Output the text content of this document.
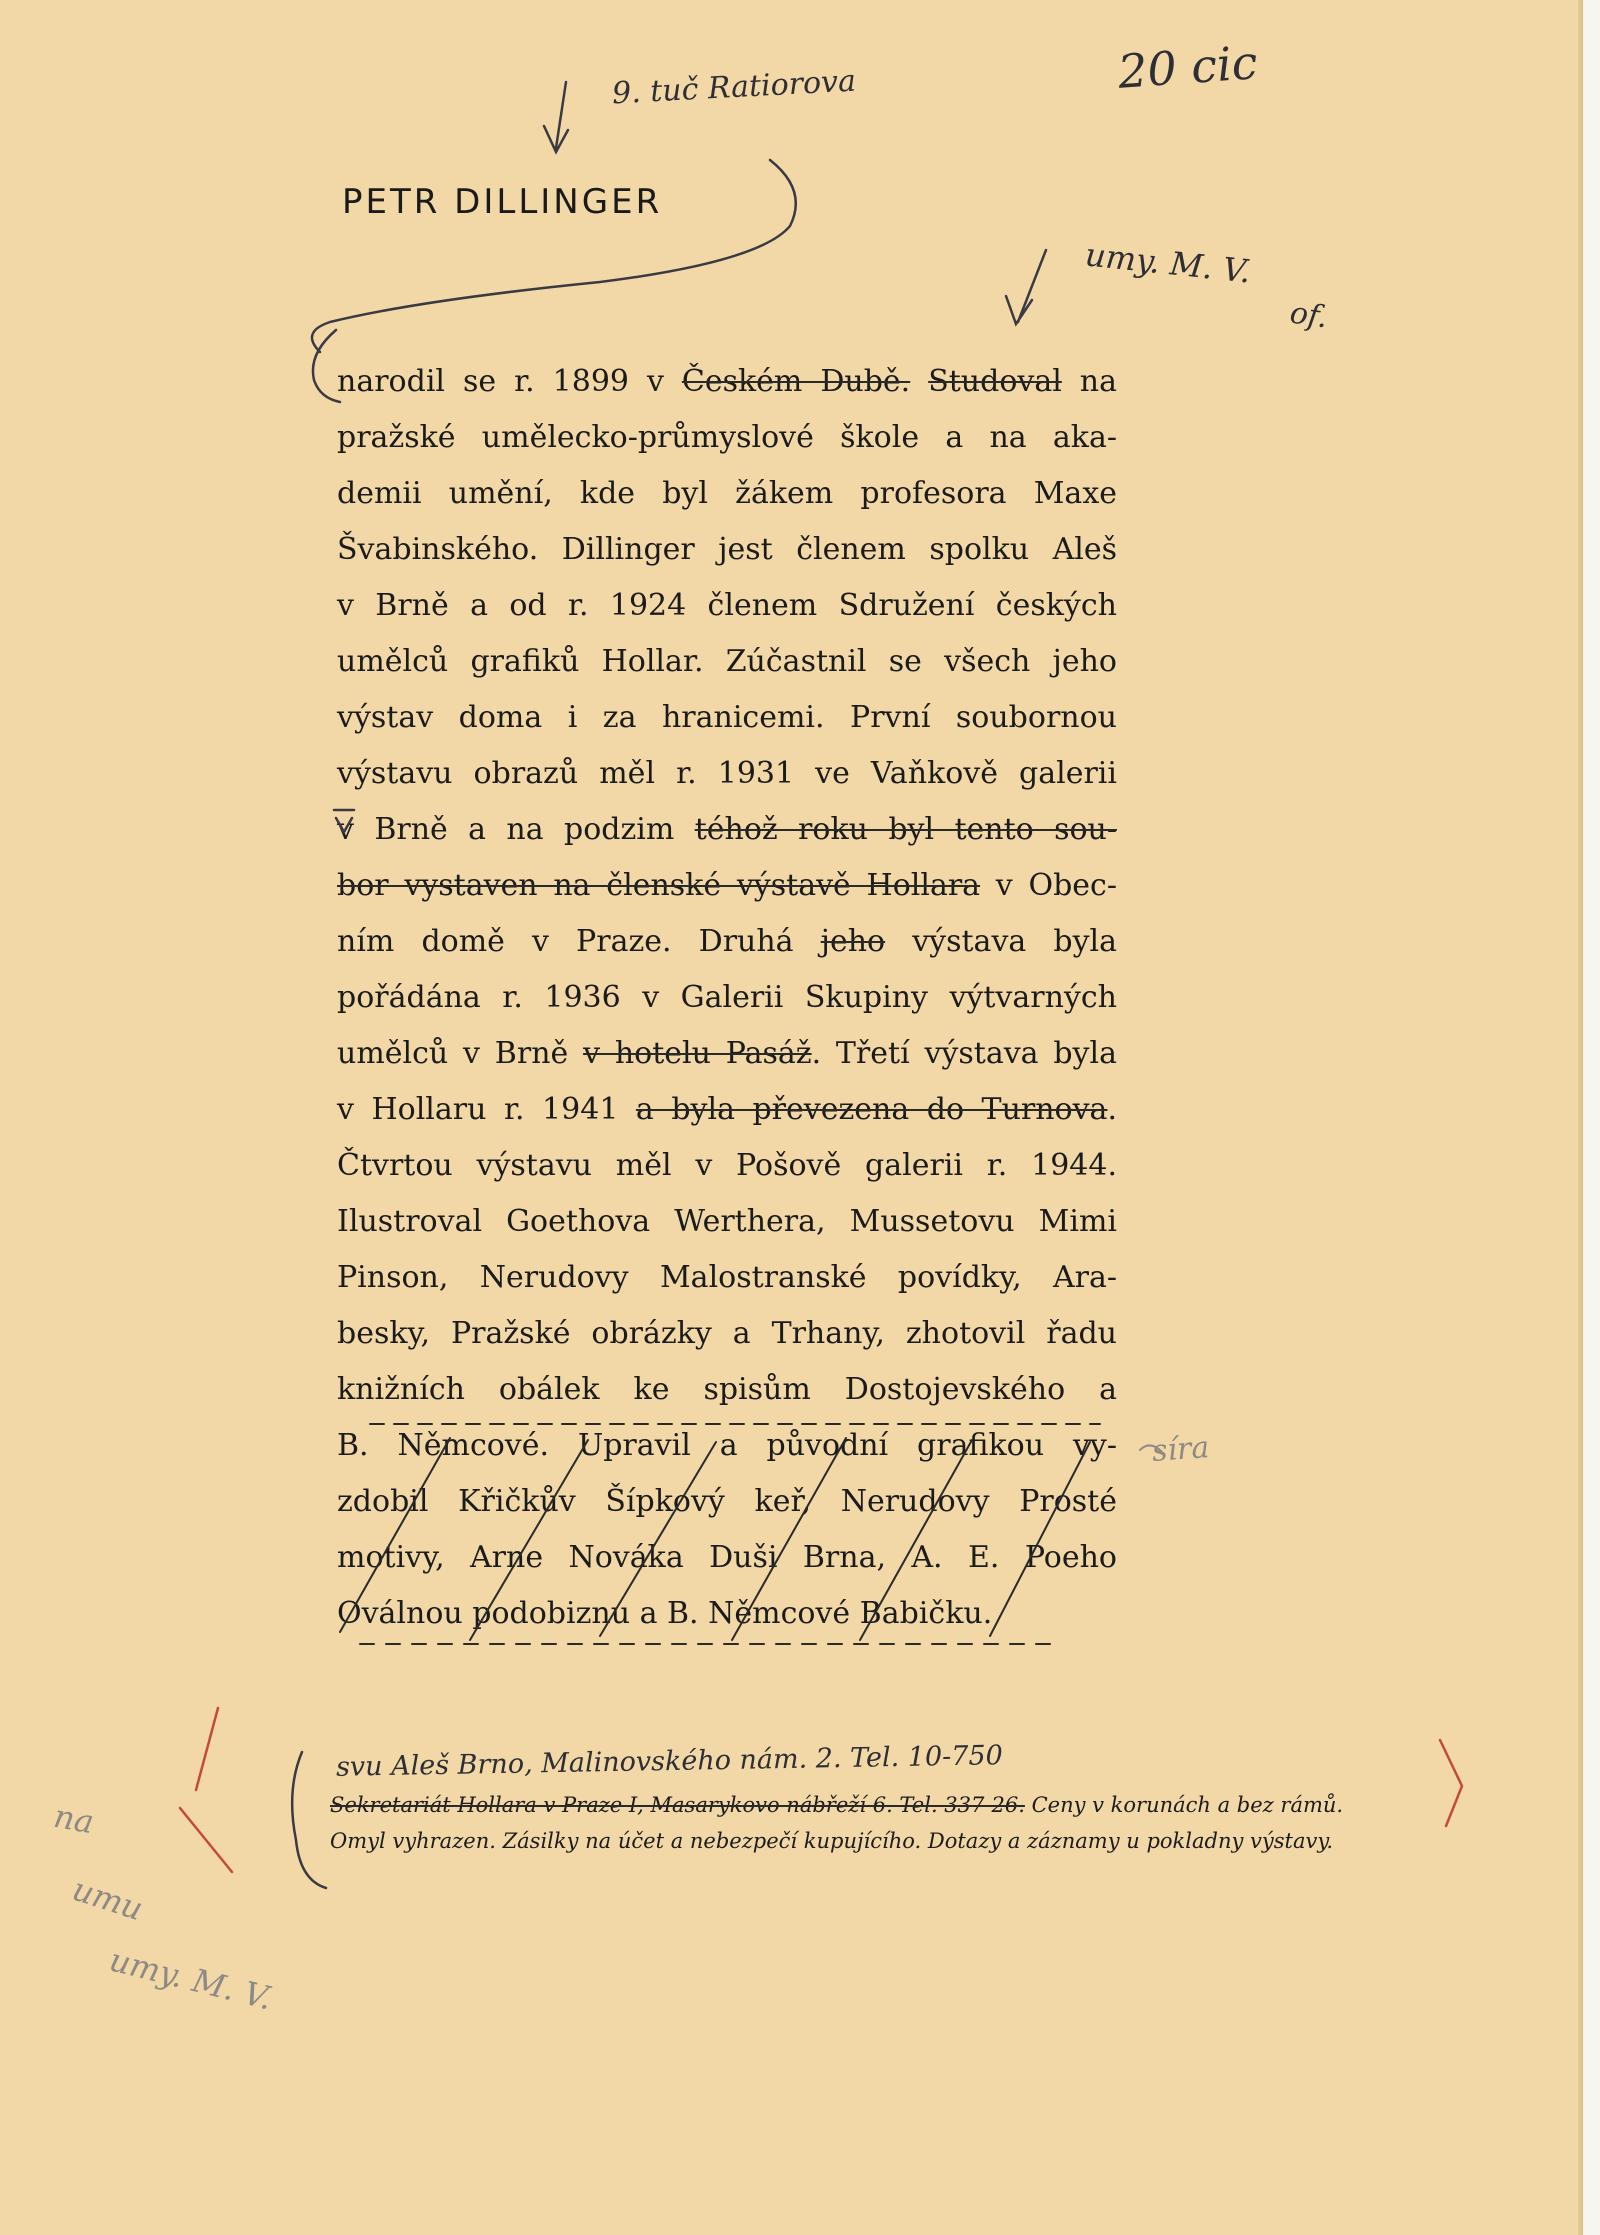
PETR DILLINGER
narodil se r. 1899 v Českém Dubě. Studoval na
pražské umělecko-průmyslové škole a na aka-
demii umění, kde byl žákem profesora Maxe
Švabinského. Dillinger jest členem spolku Aleš
v Brně a od r. 1924 členem Sdružení českých
umělců grafiků Hollar. Zúčastnil se všech jeho
výstav doma i za hranicemi. První soubornou
výstavu obrazů měl r. 1931 ve Vaňkově galerii
v Brně a na podzim téhož roku byl tento sou-
bor vystaven na členské výstavě Hollara v Obec-
ním domě v Praze. Druhá jeho výstava byla
pořádána r. 1936 v Galerii Skupiny výtvarných
umělců v Brně v hotelu Pasáž. Třetí výstava byla
v Hollaru r. 1941 a byla převezena do Turnova.
Čtvrtou výstavu měl v Pošově galerii r. 1944.
Ilustroval Goethova Werthera, Mussetovu Mimi
Pinson, Nerudovy Malostranské povídky, Ara-
besky, Pražské obrázky a Trhany, zhotovil řadu
knižních obálek ke spisům Dostojevského a
B. Němcové. Upravil a původní grafikou vy-
zdobil Křičkův Šípkový keř, Nerudovy Prosté
motivy, Arne Nováka Duši Brna, A. E. Poeho
Oválnou podobiznu a B. Němcové Babičku.
Sekretariát Hollara v Praze I, Masarykovo nábřeží 6. Tel. 337-26. Ceny v korunách a bez rámů.
Omyl vyhrazen. Zásilky na účet a nebezpečí kupujícího. Dotazy a záznamy u pokladny výstavy.

9. tuč Ratiorova	20 cic

umy. M. V.

of.

svu Aleš Brno, Malinovského nám. 2. Tel. 10-750

síra

na

umu

umy. M. V.
